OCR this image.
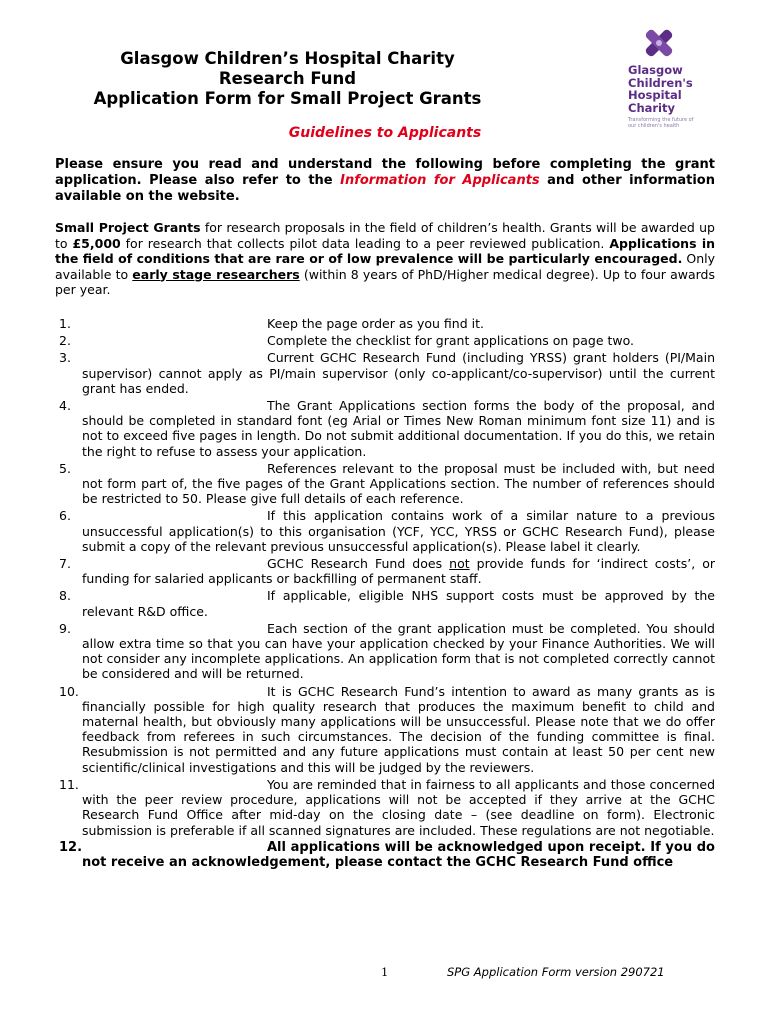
Glasgow Children’s Hospital Charity
Research Fund
Application Form for Small Project Grants
Glasgow
Children's
Hospital
Charity
Transforming the future of our children's health
Guidelines to Applicants
Please ensure you read and understand the following before completing the grant application. Please also refer to the Information for Applicants and other information available on the website.
Small Project Grants for research proposals in the field of children’s health. Grants will be awarded up to £5,000 for research that collects pilot data leading to a peer reviewed publication. Applications in the field of conditions that are rare or of low prevalence will be particularly encouraged. Only available to early stage researchers (within 8 years of PhD/Higher medical degree). Up to four awards per year.
1.	Keep the page order as you find it.
2.	Complete the checklist for grant applications on page two.
3.	Current GCHC Research Fund (including YRSS) grant holders (PI/Main supervisor) cannot apply as PI/main supervisor (only co-applicant/co-supervisor) until the current grant has ended.
4.	The Grant Applications section forms the body of the proposal, and should be completed in standard font (eg Arial or Times New Roman minimum font size 11) and is not to exceed five pages in length. Do not submit additional documentation. If you do this, we retain the right to refuse to assess your application.
5.	References relevant to the proposal must be included with, but need not form part of, the five pages of the Grant Applications section. The number of references should be restricted to 50. Please give full details of each reference.
6.	If this application contains work of a similar nature to a previous unsuccessful application(s) to this organisation (YCF, YCC, YRSS or GCHC Research Fund), please submit a copy of the relevant previous unsuccessful application(s). Please label it clearly.
7.	GCHC Research Fund does not provide funds for ‘indirect costs’, or funding for salaried applicants or backfilling of permanent staff.
8.	If applicable, eligible NHS support costs must be approved by the relevant R&D office.
9.	Each section of the grant application must be completed. You should allow extra time so that you can have your application checked by your Finance Authorities. We will not consider any incomplete applications. An application form that is not completed correctly cannot be considered and will be returned.
10.	It is GCHC Research Fund’s intention to award as many grants as is financially possible for high quality research that produces the maximum benefit to child and maternal health, but obviously many applications will be unsuccessful. Please note that we do offer feedback from referees in such circumstances. The decision of the funding committee is final. Resubmission is not permitted and any future applications must contain at least 50 per cent new scientific/clinical investigations and this will be judged by the reviewers.
11.	You are reminded that in fairness to all applicants and those concerned with the peer review procedure, applications will not be accepted if they arrive at the GCHC Research Fund Office after mid-day on the closing date – (see deadline on form). Electronic submission is preferable if all scanned signatures are included. These regulations are not negotiable.
12.	All applications will be acknowledged upon receipt. If you do not receive an acknowledgement, please contact the GCHC Research Fund office
1	SPG Application Form version 290721
